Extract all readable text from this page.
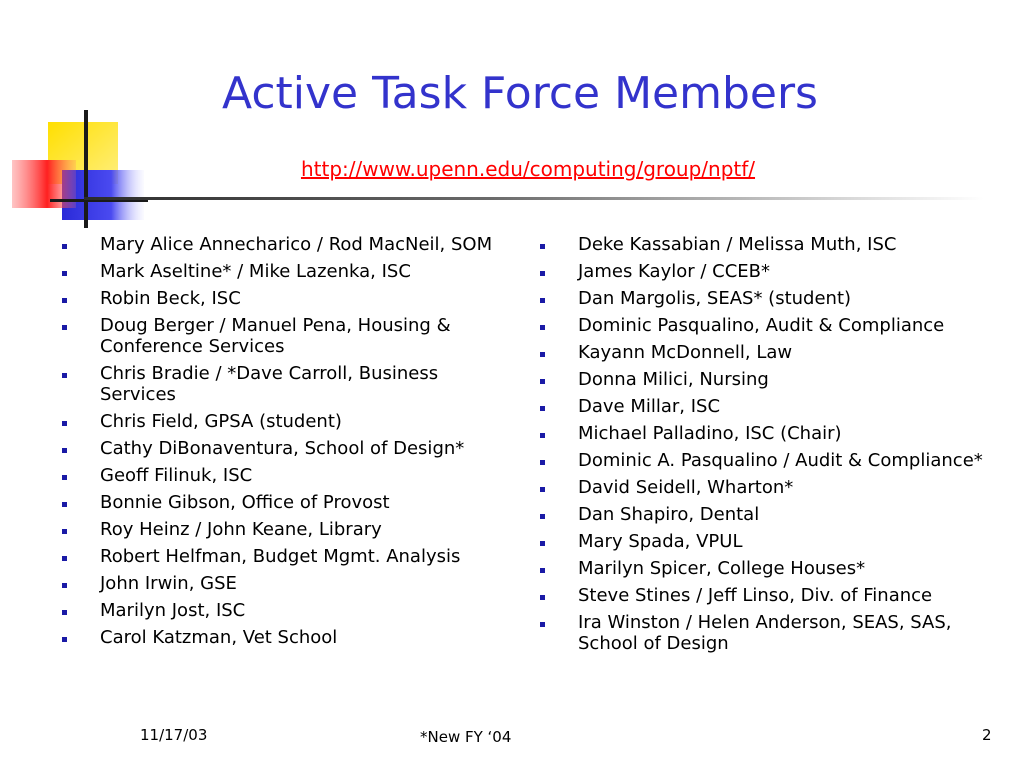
Active Task Force Members
http://www.upenn.edu/computing/group/nptf/
Mary Alice Annecharico / Rod MacNeil, SOM
Mark Aseltine* / Mike Lazenka, ISC
Robin Beck, ISC
Doug Berger / Manuel Pena, Housing & Conference Services
Chris Bradie / *Dave Carroll, Business Services
Chris Field, GPSA (student)
Cathy DiBonaventura, School of Design*
Geoff Filinuk, ISC
Bonnie Gibson, Office of Provost
Roy Heinz / John Keane, Library
Robert Helfman, Budget Mgmt. Analysis
John Irwin, GSE
Marilyn Jost, ISC
Carol Katzman, Vet School
Deke Kassabian / Melissa Muth, ISC
James Kaylor / CCEB*
Dan Margolis, SEAS* (student)
Dominic Pasqualino, Audit & Compliance
Kayann McDonnell, Law
Donna Milici, Nursing
Dave Millar, ISC
Michael Palladino, ISC (Chair)
Dominic A. Pasqualino / Audit & Compliance*
David Seidell, Wharton*
Dan Shapiro, Dental
Mary Spada, VPUL
Marilyn Spicer, College Houses*
Steve Stines / Jeff Linso, Div. of Finance
Ira Winston / Helen Anderson, SEAS, SAS, School of Design
11/17/03	*New FY ‘04	2
